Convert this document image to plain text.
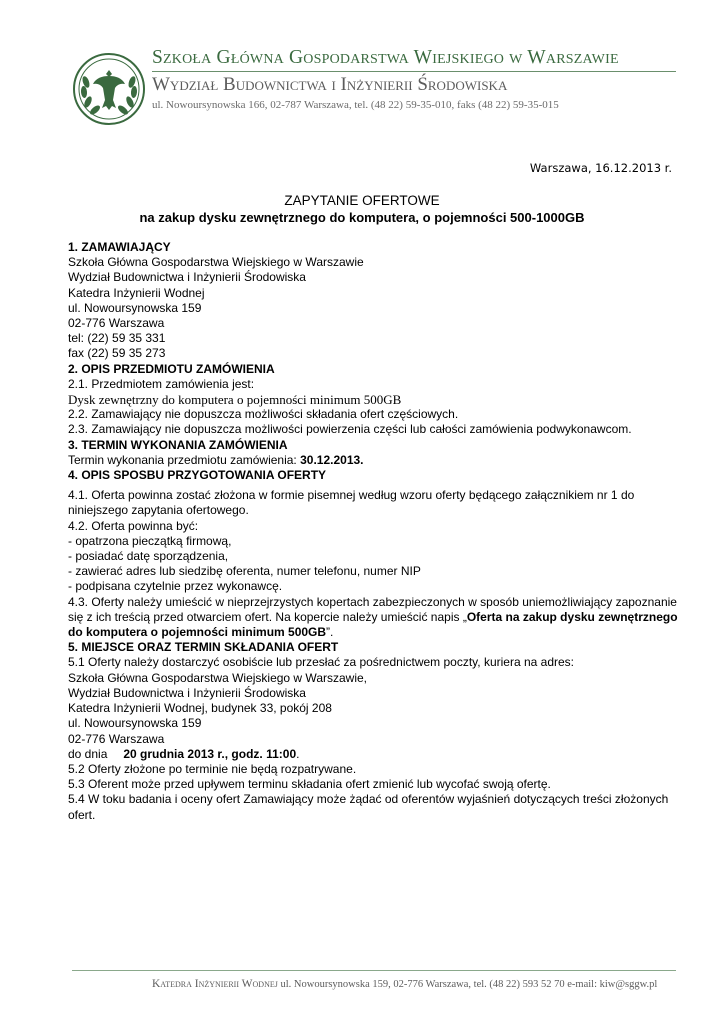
Szkoła Główna Gospodarstwa Wiejskiego w Warszawie
Wydział Budownictwa i Inżynierii Środowiska
ul. Nowoursynowska 166, 02-787 Warszawa, tel. (48 22) 59-35-010, faks (48 22) 59-35-015
Warszawa, 16.12.2013 r.
ZAPYTANIE OFERTOWE
na zakup dysku zewnętrznego do komputera, o pojemności 500-1000GB

1. ZAMAWIAJĄCY

Szkoła Główna Gospodarstwa Wiejskiego w Warszawie

Wydział Budownictwa i Inżynierii Środowiska

Katedra Inżynierii Wodnej

ul. Nowoursynowska 159

02-776 Warszawa

tel: (22) 59 35 331

fax (22) 59 35 273

2. OPIS PRZEDMIOTU ZAMÓWIENIA

2.1. Przedmiotem zamówienia jest:

Dysk zewnętrzny do komputera o pojemności minimum 500GB

2.2. Zamawiający nie dopuszcza możliwości składania ofert częściowych.

2.3. Zamawiający nie dopuszcza możliwości powierzenia części lub całości zamówienia podwykonawcom.

3. TERMIN WYKONANIA ZAMÓWIENIA

Termin wykonania przedmiotu zamówienia: 30.12.2013.

4. OPIS SPOSBU PRZYGOTOWANIA OFERTY

4.1. Oferta powinna zostać złożona w formie pisemnej według wzoru oferty będącego załącznikiem nr 1 do niniejszego zapytania ofertowego.

4.2. Oferta powinna być:

- opatrzona pieczątką firmową,

- posiadać datę sporządzenia,

- zawierać adres lub siedzibę oferenta, numer telefonu, numer NIP

- podpisana czytelnie przez wykonawcę.

4.3. Oferty należy umieścić w nieprzejrzystych kopertach zabezpieczonych w sposób uniemożliwiający zapoznanie się z ich treścią przed otwarciem ofert. Na kopercie należy umieścić napis „Oferta na zakup dysku zewnętrznego do komputera o pojemności minimum 500GB”.

5. MIEJSCE ORAZ TERMIN SKŁADANIA OFERT

5.1 Oferty należy dostarczyć osobiście lub przesłać za pośrednictwem poczty, kuriera na adres:

Szkoła Główna Gospodarstwa Wiejskiego w Warszawie,

Wydział Budownictwa i Inżynierii Środowiska

Katedra Inżynierii Wodnej, budynek 33, pokój 208

ul. Nowoursynowska 159

02-776 Warszawa

do dnia 20 grudnia 2013 r., godz. 11:00.

5.2 Oferty złożone po terminie nie będą rozpatrywane.

5.3 Oferent może przed upływem terminu składania ofert zmienić lub wycofać swoją ofertę.

5.4 W toku badania i oceny ofert Zamawiający może żądać od oferentów wyjaśnień dotyczących treści złożonych ofert.

Katedra Inżynierii Wodnej ul. Nowoursynowska 159, 02-776 Warszawa, tel. (48 22) 593 52 70 e-mail: kiw@sggw.pl
